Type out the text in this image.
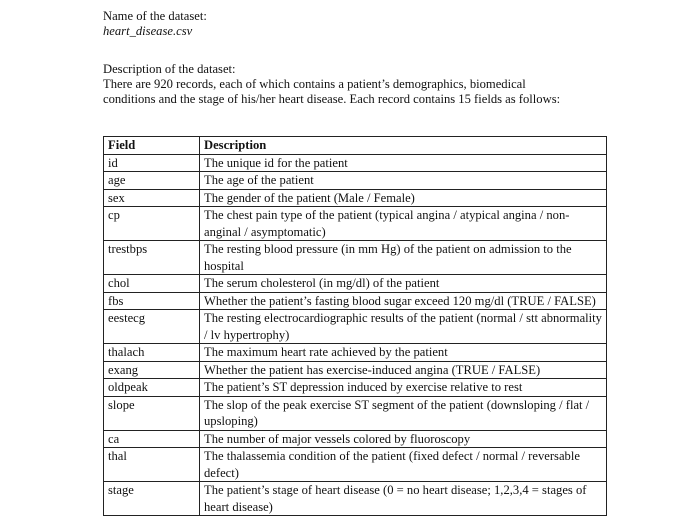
Name of the dataset:
heart_disease.csv
Description of the dataset:
There are 920 records, each of which contains a patient’s demographics, biomedical conditions and the stage of his/her heart disease. Each record contains 15 fields as follows:
Field	Description
id	The unique id for the patient
age	The age of the patient
sex	The gender of the patient (Male / Female)
cp	The chest pain type of the patient (typical angina / atypical angina / non-anginal / asymptomatic)
trestbps	The resting blood pressure (in mm Hg) of the patient on admission to the hospital
chol	The serum cholesterol (in mg/dl) of the patient
fbs	Whether the patient’s fasting blood sugar exceed 120 mg/dl (TRUE / FALSE)
eestecg	The resting electrocardiographic results of the patient (normal / stt abnormality / lv hypertrophy)
thalach	The maximum heart rate achieved by the patient
exang	Whether the patient has exercise-induced angina (TRUE / FALSE)
oldpeak	The patient’s ST depression induced by exercise relative to rest
slope	The slop of the peak exercise ST segment of the patient (downsloping / flat / upsloping)
ca	The number of major vessels colored by fluoroscopy
thal	The thalassemia condition of the patient (fixed defect / normal / reversable defect)
stage	The patient’s stage of heart disease (0 = no heart disease; 1,2,3,4 = stages of heart disease)
